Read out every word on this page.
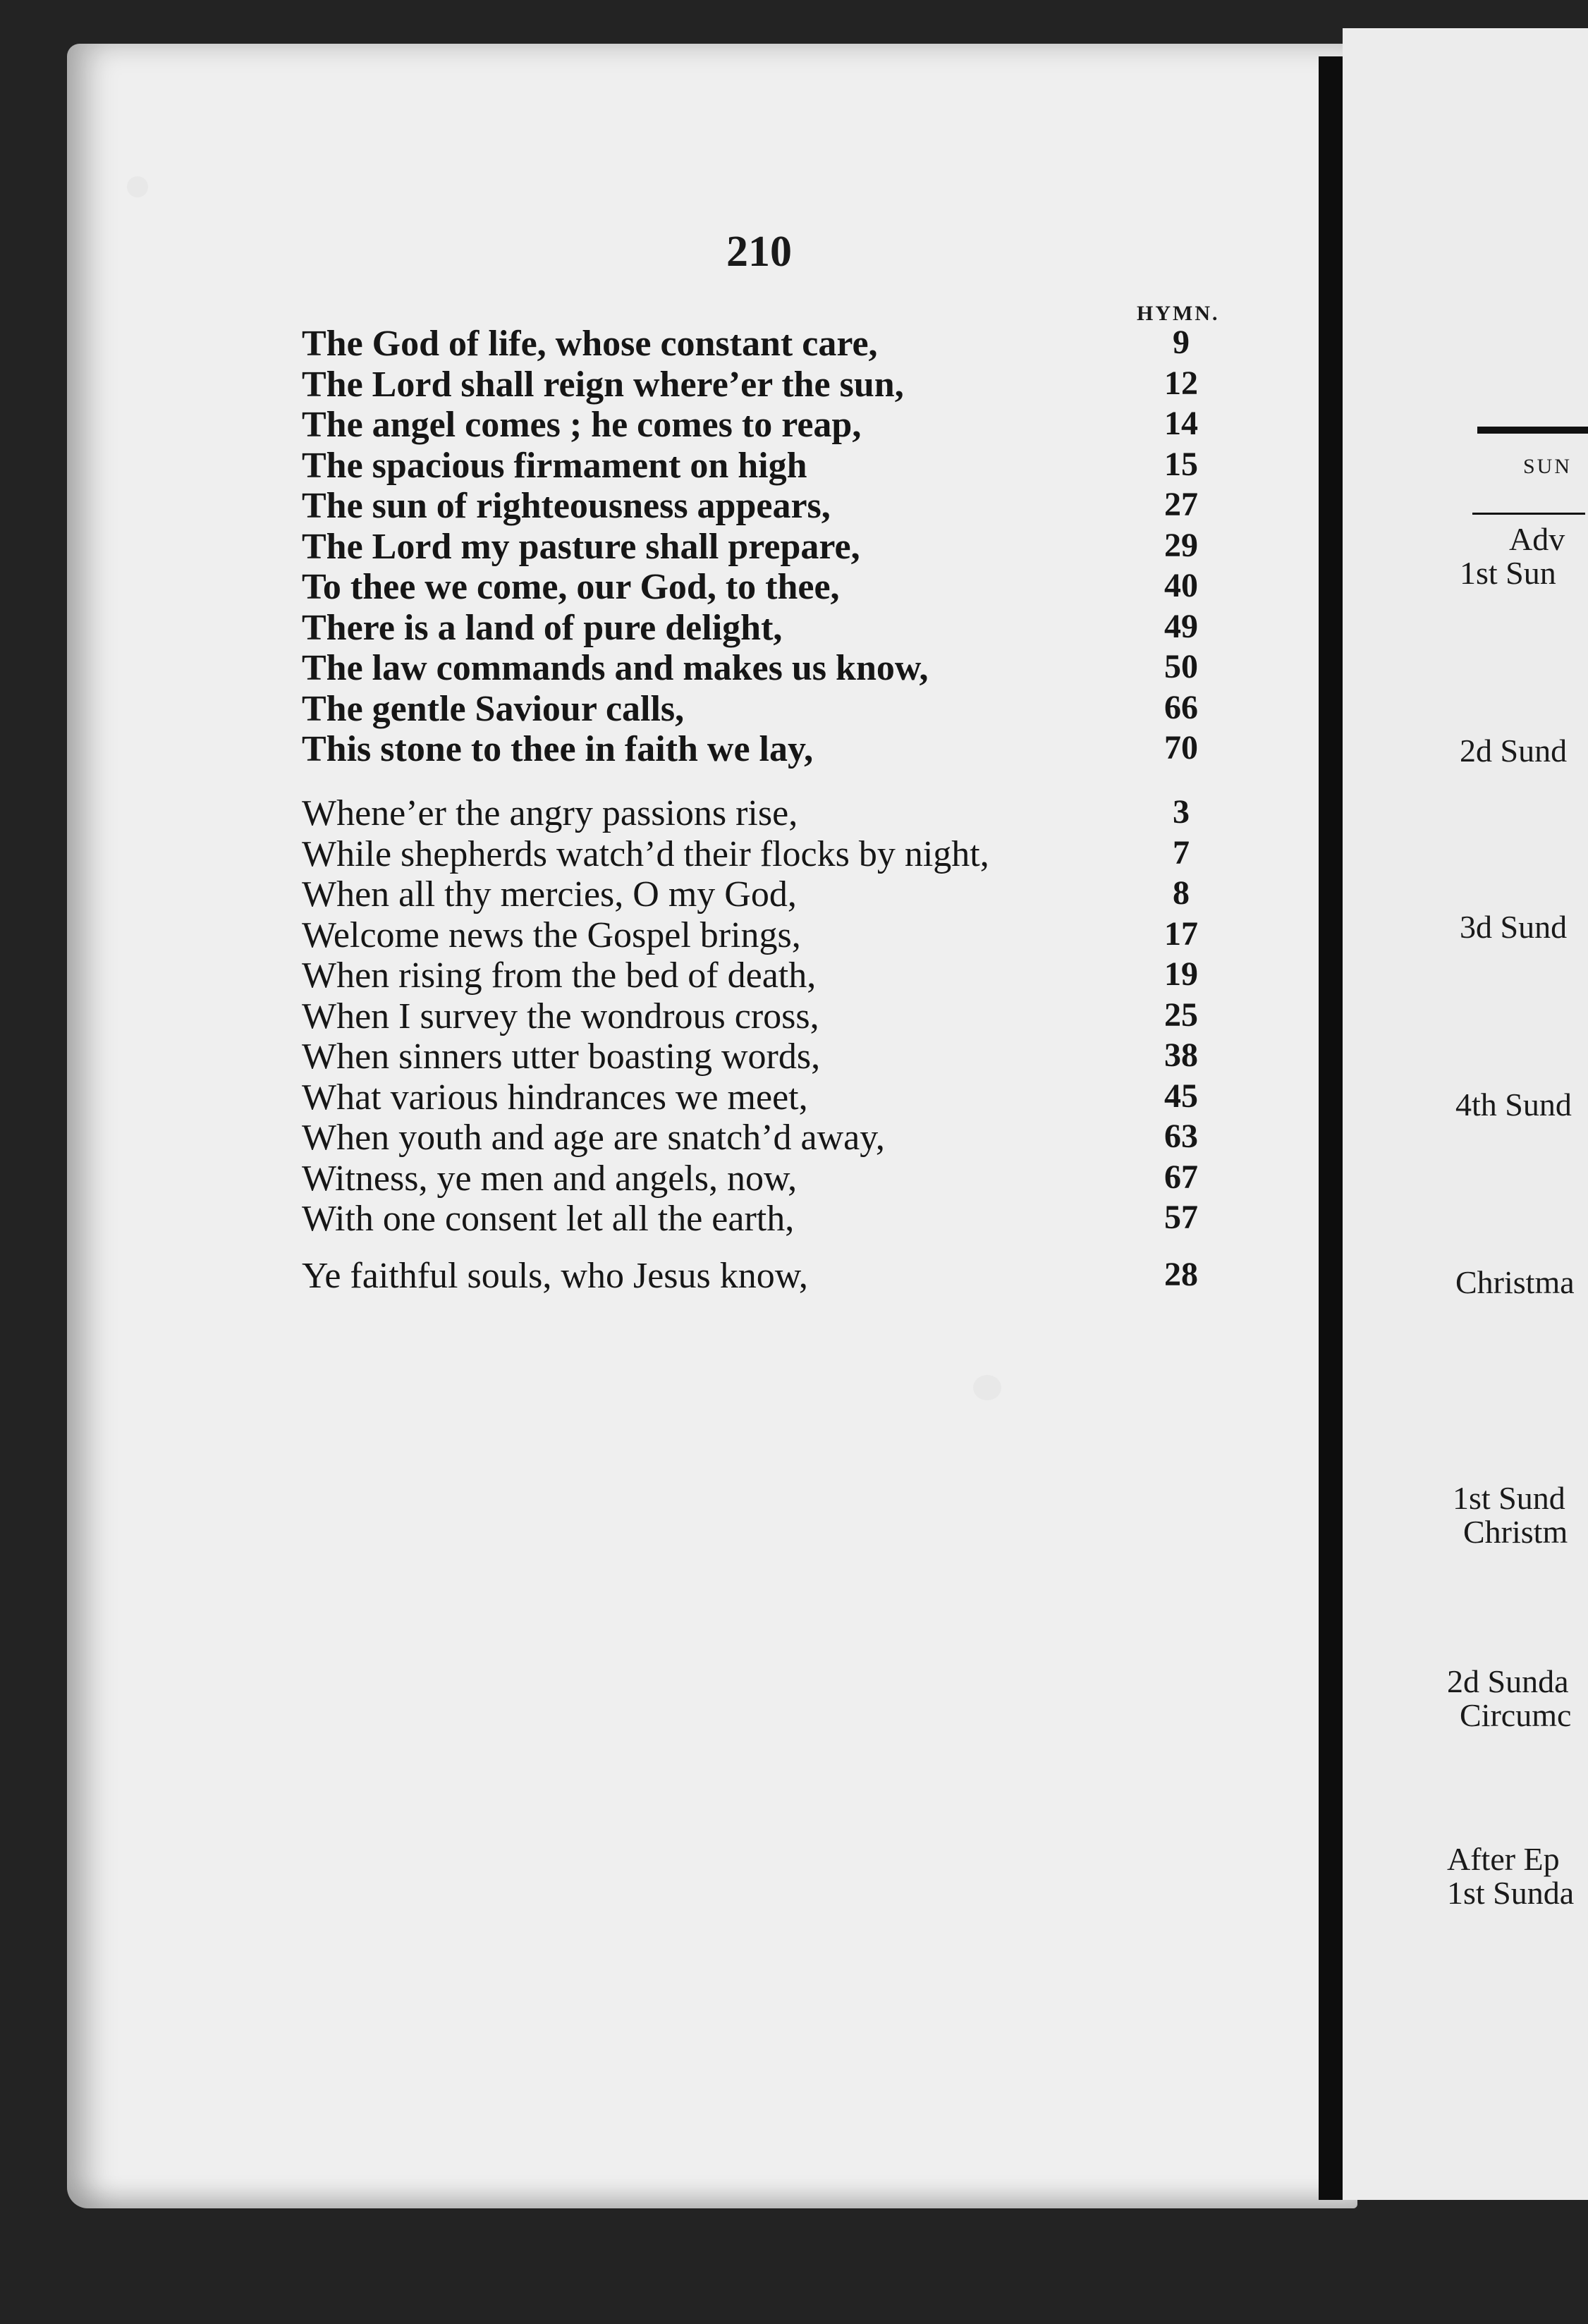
210
HYMN.
The God of life, whose constant care,	9
The Lord shall reign where’er the sun,	12
The angel comes ; he comes to reap,	14
The spacious firmament on high	15
The sun of righteousness appears,	27
The Lord my pasture shall prepare,	29
To thee we come, our God, to thee,	40
There is a land of pure delight,	49
The law commands and makes us know,	50
The gentle Saviour calls,	66
This stone to thee in faith we lay,	70
Whene’er the angry passions rise,	3
While shepherds watch’d their flocks by night,	7
When all thy mercies, O my God,	8
Welcome news the Gospel brings,	17
When rising from the bed of death,	19
When I survey the wondrous cross,	25
When sinners utter boasting words,	38
What various hindrances we meet,	45
When youth and age are snatch’d away,	63
Witness, ye men and angels, now,	67
With one consent let all the earth,	57
Ye faithful souls, who Jesus know,	28
SUN
Adv
1st Sun
2d Sund
3d Sund
4th Sund
Christma
1st Sund
Christm
2d Sunda
Circumc
After Ep
1st Sunda
